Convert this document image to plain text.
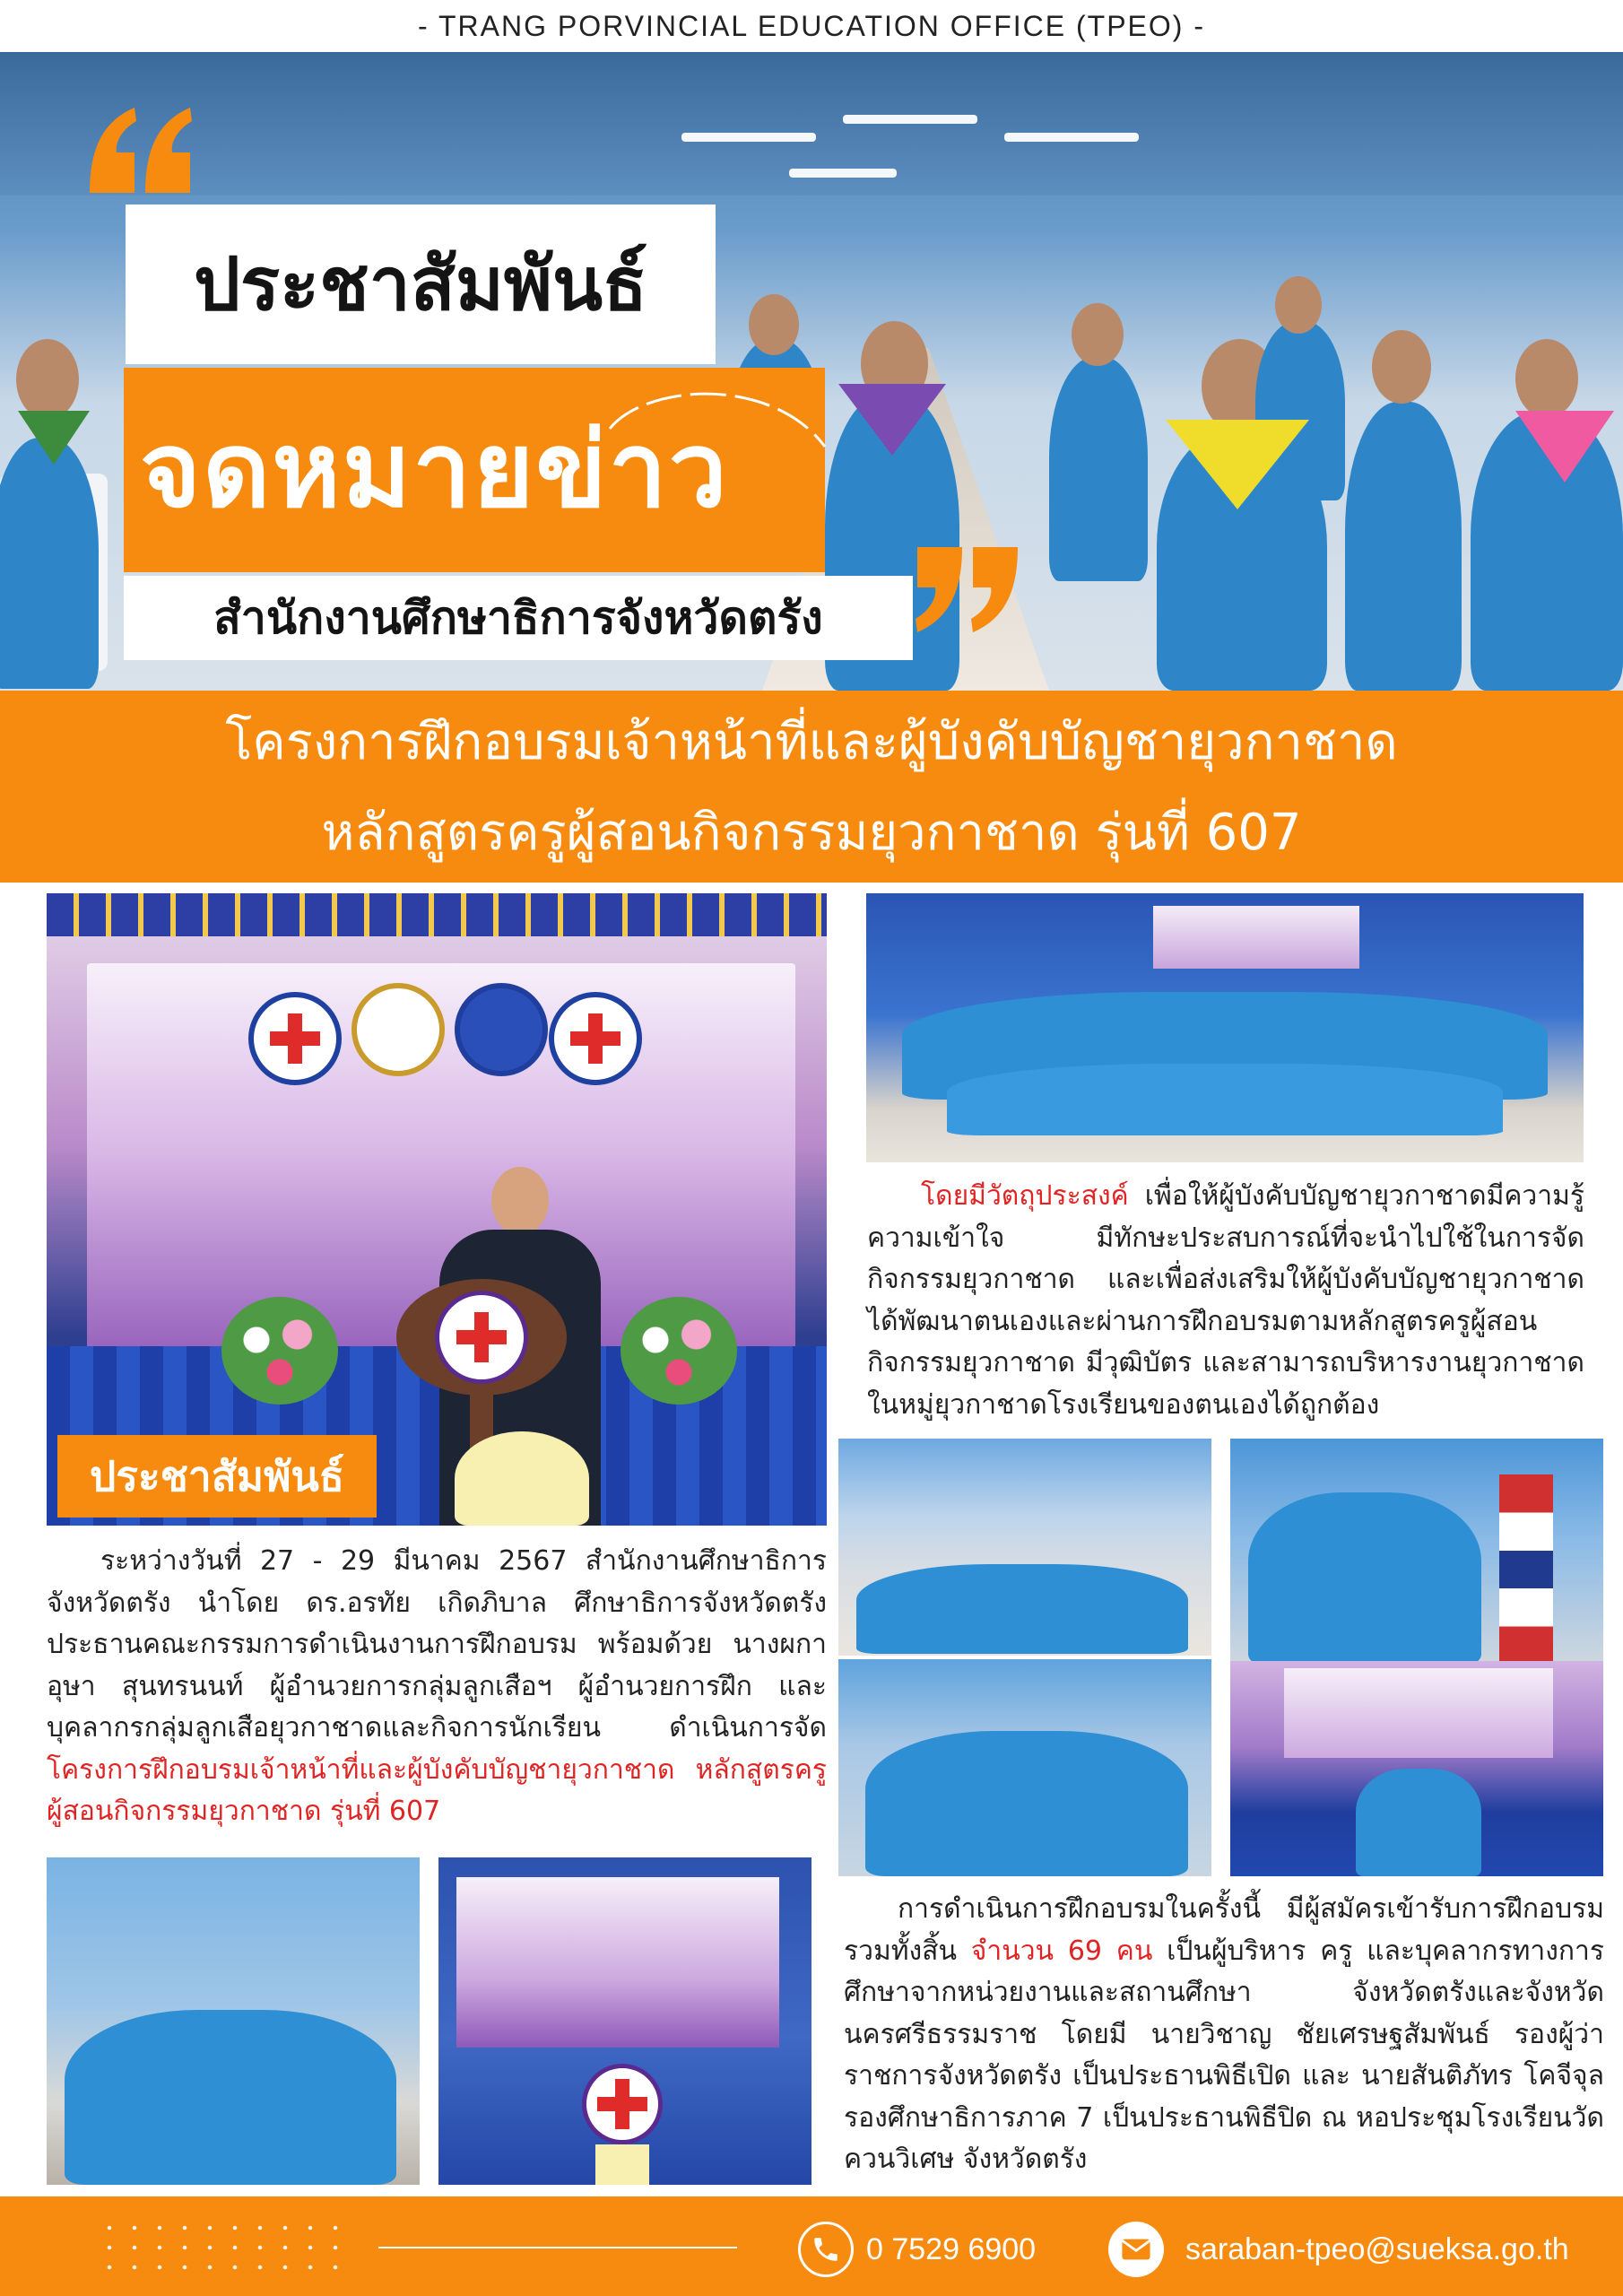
- TRANG PORVINCIAL EDUCATION OFFICE (TPEO) -
ประชาสัมพันธ์
จดหมายข่าว
สำนักงานศึกษาธิการจังหวัดตรัง
โครงการฝึกอบรมเจ้าหน้าที่และผู้บังคับบัญชายุวกาชาด
หลักสูตรครูผู้สอนกิจกรรมยุวกาชาด รุ่นที่ 607
ประชาสัมพันธ์

โดยมีวัตถุประสงค์ เพื่อให้ผู้บังคับบัญชายุวกาชาดมีความรู้ความเข้าใจ มีทักษะประสบการณ์ที่จะนำไปใช้ในการจัดกิจกรรมยุวกาชาด และเพื่อส่งเสริมให้ผู้บังคับบัญชายุวกาชาด ได้พัฒนาตนเองและผ่านการฝึกอบรมตามหลักสูตรครูผู้สอนกิจกรรมยุวกาชาด มีวุฒิบัตร และสามารถบริหารงานยุวกาชาดในหมู่ยุวกาชาดโรงเรียนของตนเองได้ถูกต้อง

ระหว่างวันที่ 27 - 29 มีนาคม 2567 สำนักงานศึกษาธิการจังหวัดตรัง นำโดย ดร.อรทัย เกิดภิบาล ศึกษาธิการจังหวัดตรัง ประธานคณะกรรมการดำเนินงานการฝึกอบรม พร้อมด้วย นางผกาอุษา สุนทรนนท์ ผู้อำนวยการกลุ่มลูกเสือฯ ผู้อำนวยการฝึก และบุคลากรกลุ่มลูกเสือยุวกาชาดและกิจการนักเรียน ดำเนินการจัดโครงการฝึกอบรมเจ้าหน้าที่และผู้บังคับบัญชายุวกาชาด หลักสูตรครูผู้สอนกิจกรรมยุวกาชาด รุ่นที่ 607

การดำเนินการฝึกอบรมในครั้งนี้ มีผู้สมัครเข้ารับการฝึกอบรมรวมทั้งสิ้น จำนวน 69 คน เป็นผู้บริหาร ครู และบุคลากรทางการศึกษาจากหน่วยงานและสถานศึกษา จังหวัดตรังและจังหวัดนครศรีธรรมราช โดยมี นายวิชาญ ชัยเศรษฐสัมพันธ์ รองผู้ว่าราชการจังหวัดตรัง เป็นประธานพิธีเปิด และ นายสันติภัทร โคจีจุล รองศึกษาธิการภาค 7 เป็นประธานพิธีปิด ณ หอประชุมโรงเรียนวัดควนวิเศษ จังหวัดตรัง

0 7529 6900	saraban-tpeo@sueksa.go.th
